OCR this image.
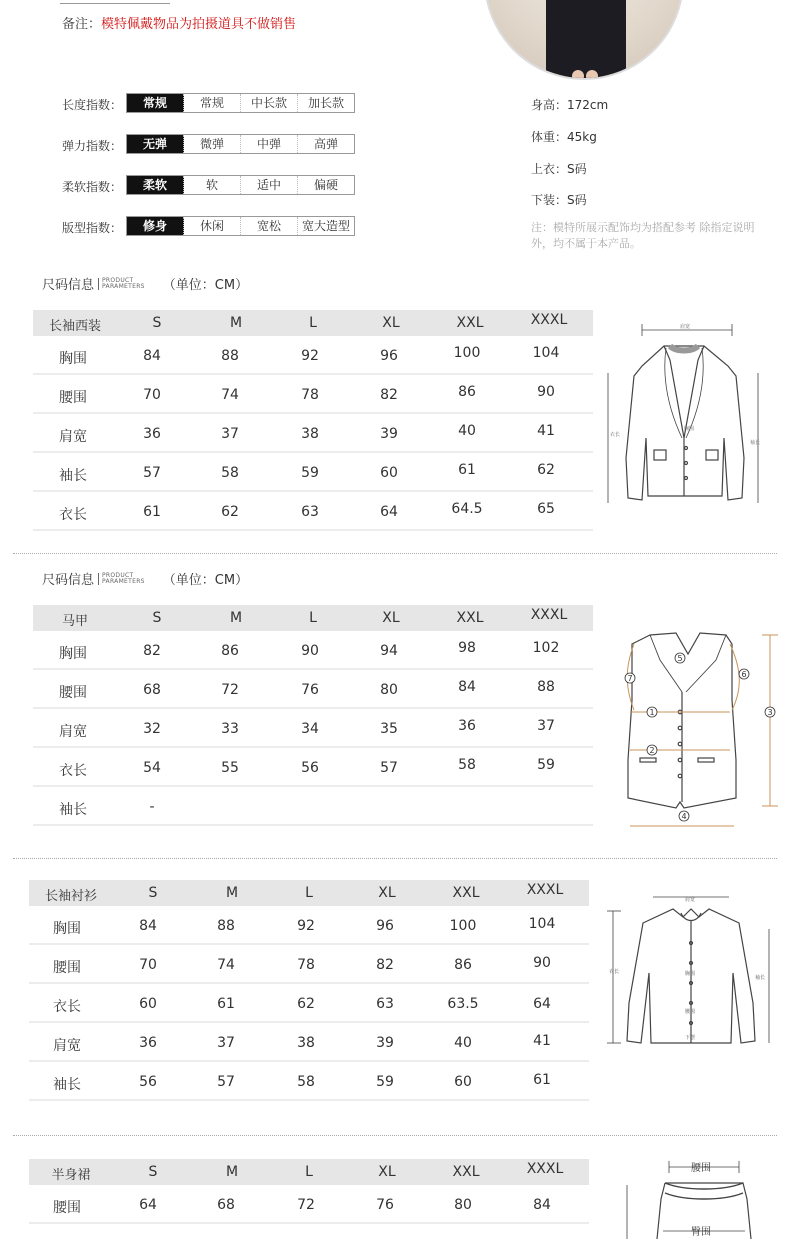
备注：模特佩戴物品为拍摄道具不做销售
长度指数：	常规	常规	中长款	加长款
弹力指数：	无弹	微弹	中弹	高弹
柔软指数：	柔软	软	适中	偏硬
版型指数：	修身	休闲	宽松	宽大造型
身高：172cm
体重：45kg
上衣：S码
下装：S码
注：模特所展示配饰均为搭配参考 除指定说明外，均不属于本产品。
尺码信息	PRODUCT
PARAMETERS （单位：CM）
长袖西装	S	M	L	XL	XXL	XXXL
胸围	84	88	92	96	100	104
腰围	70	74	78	82	86	90
肩宽	36	37	38	39	40	41
袖长	57	58	59	60	61	62
衣长	61	62	63	64	64.5	65
肩宽
胸围
衣长
袖长
尺码信息	PRODUCT
PARAMETERS （单位：CM）
马甲	S	M	L	XL	XXL	XXXL
胸围	82	86	90	94	98	102
腰围	68	72	76	80	84	88
肩宽	32	33	34	35	36	37
衣长	54	55	56	57	58	59
袖长	-
1
2
3
4
5
6
7
长袖衬衫	S	M	L	XL	XXL	XXXL
胸围	84	88	92	96	100	104
腰围	70	74	78	82	86	90
衣长	60	61	62	63	63.5	64
肩宽	36	37	38	39	40	41
袖长	56	57	58	59	60	61
肩宽
胸围
腰围
下摆
衣长
袖长
半身裙	S	M	L	XL	XXL	XXXL
腰围	64	68	72	76	80	84
腰围
臀围
